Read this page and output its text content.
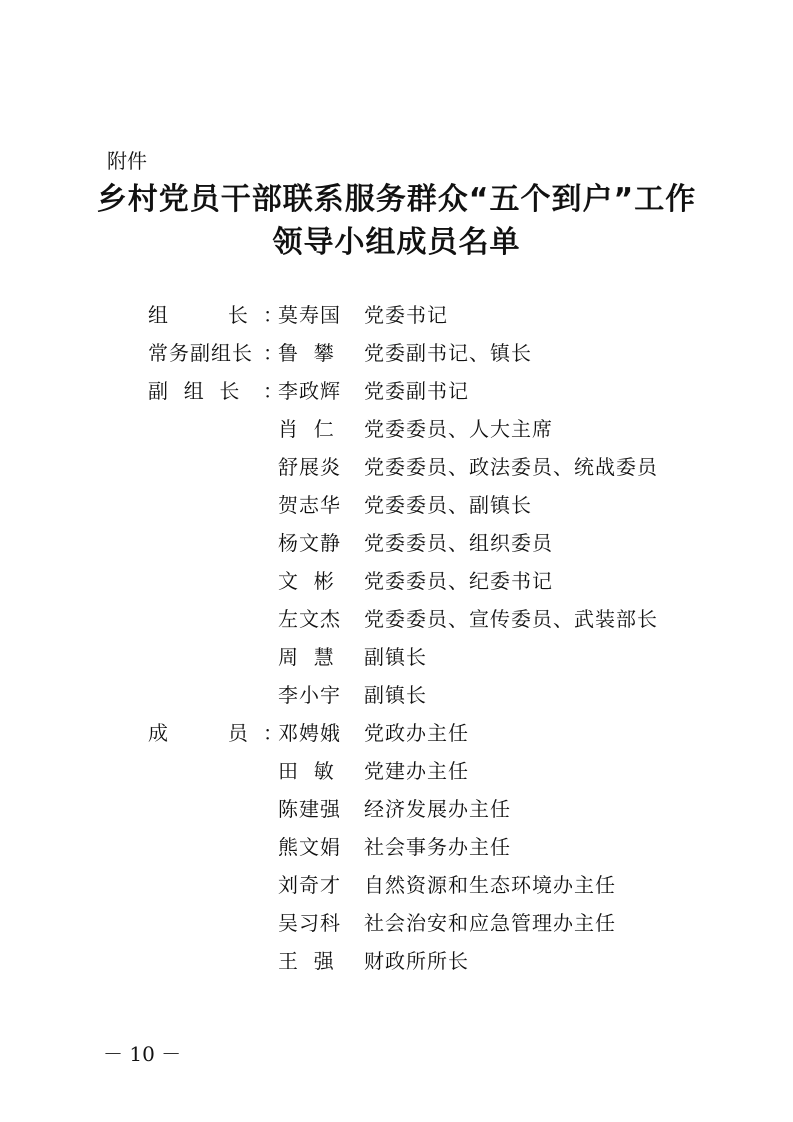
附件
乡村党员干部联系服务群众“五个到户”工作
领导小组成员名单
组        长 ：
莫寿国 党委书记
常务副组长 ：
鲁  攀 党委副书记、镇长
副  组  长	：
李政辉 党委副书记
肖  仁 党委委员、人大主席
舒展炎 党委委员、政法委员、统战委员
贺志华 党委委员、副镇长
杨文静 党委委员、组织委员
文  彬 党委委员、纪委书记
左文杰 党委委员、宣传委员、武装部长
周  慧 副镇长
李小宇 副镇长
成        员 ：
邓娉娥 党政办主任
田  敏 党建办主任
陈建强 经济发展办主任
熊文娟 社会事务办主任
刘奇才 自然资源和生态环境办主任
吴习科 社会治安和应急管理办主任
王  强 财政所所长
－ 10 －
